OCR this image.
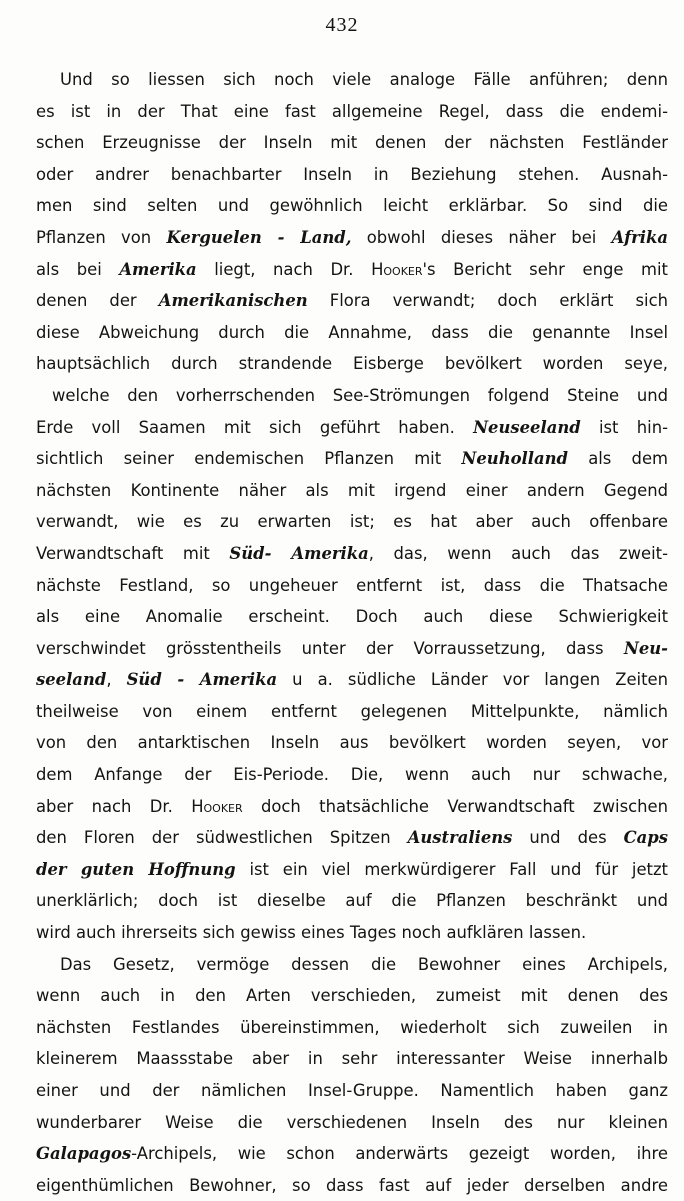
432
Und so liessen sich noch viele analoge Fälle anführen; denn
es ist in der That eine fast allgemeine Regel, dass die endemi-
schen Erzeugnisse der Inseln mit denen der nächsten Festländer
oder andrer benachbarter Inseln in Beziehung stehen. Ausnah-
men sind selten und gewöhnlich leicht erklärbar. So sind die
Pflanzen von Kerguelen - Land, obwohl dieses näher bei Afrika
als bei Amerika liegt, nach Dr. Hooker's Bericht sehr enge mit
denen der Amerikanischen Flora verwandt; doch erklärt sich
diese Abweichung durch die Annahme, dass die genannte Insel
hauptsächlich durch strandende Eisberge bevölkert worden seye,
welche den vorherrschenden See-Strömungen folgend Steine und
Erde voll Saamen mit sich geführt haben. Neuseeland ist hin-
sichtlich seiner endemischen Pflanzen mit Neuholland als dem
nächsten Kontinente näher als mit irgend einer andern Gegend
verwandt, wie es zu erwarten ist; es hat aber auch offenbare
Verwandtschaft mit Süd- Amerika, das, wenn auch das zweit-
nächste Festland, so ungeheuer entfernt ist, dass die Thatsache
als eine Anomalie erscheint. Doch auch diese Schwierigkeit
verschwindet grösstentheils unter der Vorraussetzung, dass Neu-
seeland, Süd - Amerika u a. südliche Länder vor langen Zeiten
theilweise von einem entfernt gelegenen Mittelpunkte, nämlich
von den antarktischen Inseln aus bevölkert worden seyen, vor
dem Anfange der Eis-Periode. Die, wenn auch nur schwache,
aber nach Dr. Hooker doch thatsächliche Verwandtschaft zwischen
den Floren der südwestlichen Spitzen Australiens und des Caps
der guten Hoffnung ist ein viel merkwürdigerer Fall und für jetzt
unerklärlich; doch ist dieselbe auf die Pflanzen beschränkt und
wird auch ihrerseits sich gewiss eines Tages noch aufklären lassen.
Das Gesetz, vermöge dessen die Bewohner eines Archipels,
wenn auch in den Arten verschieden, zumeist mit denen des
nächsten Festlandes übereinstimmen, wiederholt sich zuweilen in
kleinerem Maassstabe aber in sehr interessanter Weise innerhalb
einer und der nämlichen Insel-Gruppe. Namentlich haben ganz
wunderbarer Weise die verschiedenen Inseln des nur kleinen
Galapagos-Archipels, wie schon anderwärts gezeigt worden, ihre
eigenthümlichen Bewohner, so dass fast auf jeder derselben andre
